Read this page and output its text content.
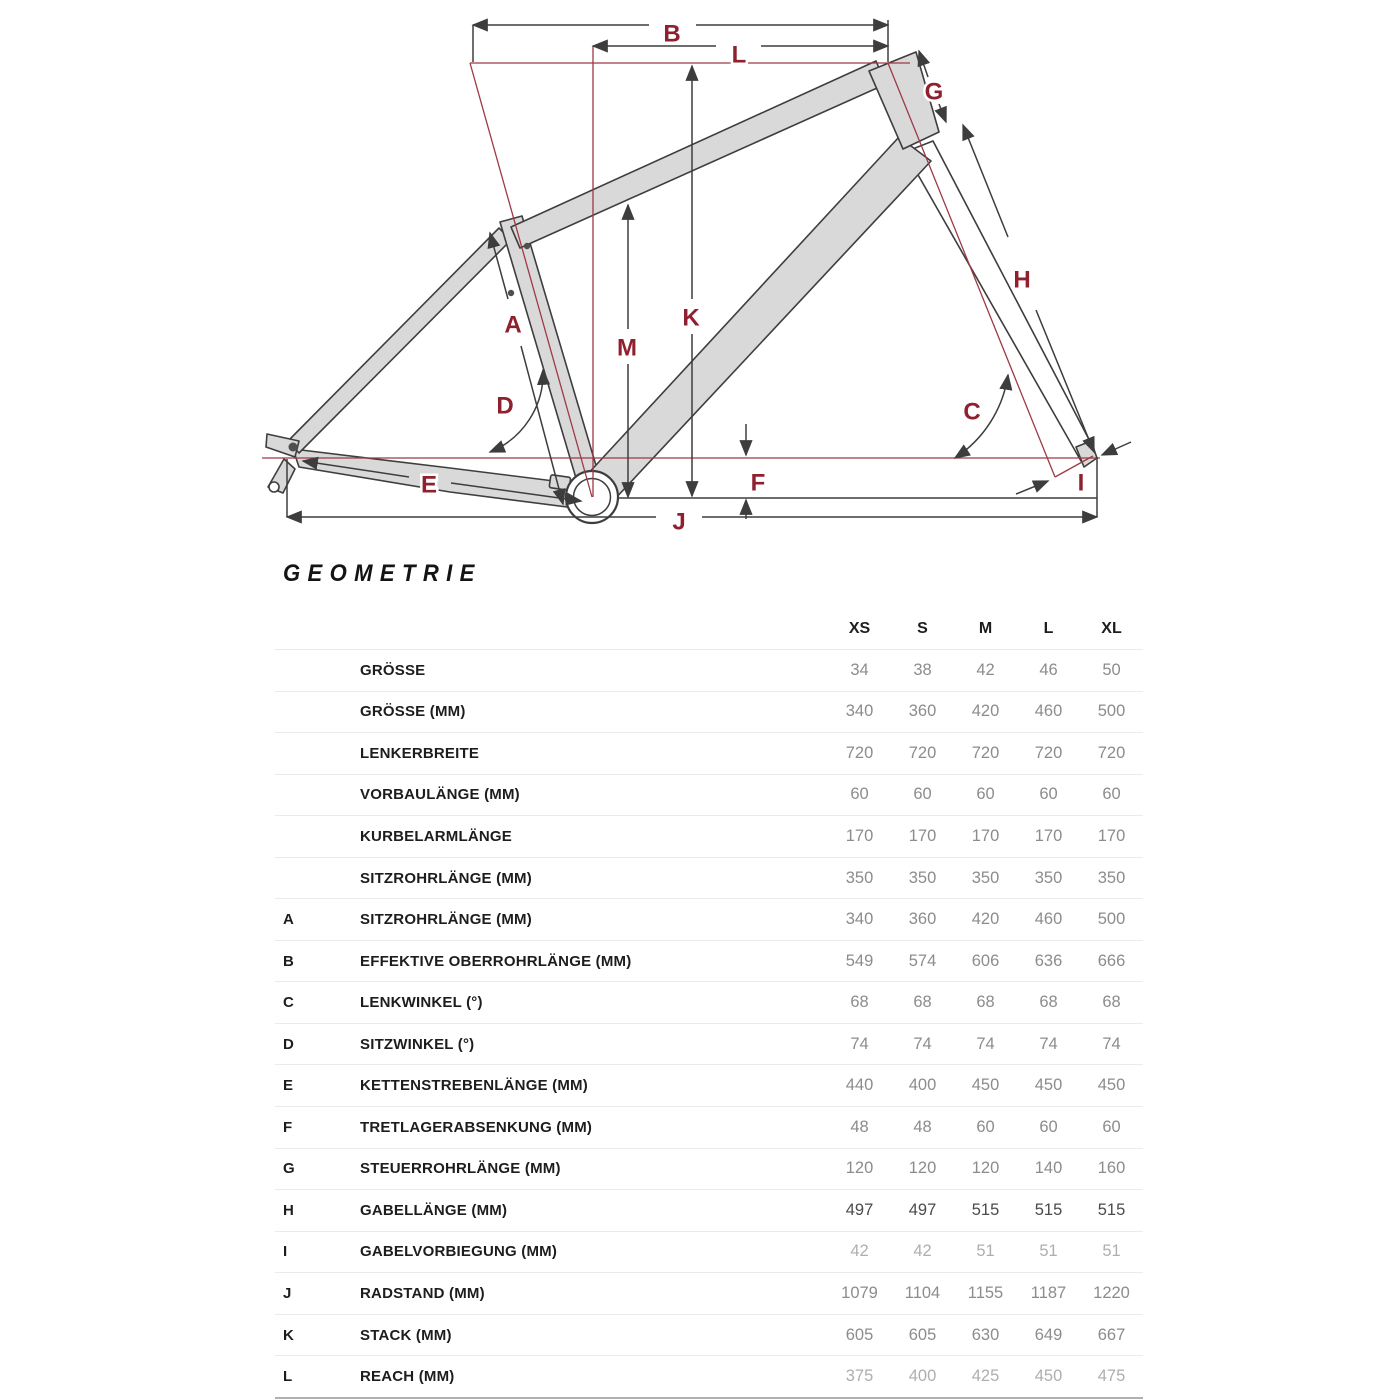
B
L
G
H
C
I
A
D
E
M
K
F
J
GEOMETRIE
XS	S	M	L	XL
GRÖSSE	34	38	42	46	50
GRÖSSE (MM)	340	360	420	460	500
LENKERBREITE	720	720	720	720	720
VORBAULÄNGE (MM)	60	60	60	60	60
KURBELARMLÄNGE	170	170	170	170	170
SITZROHRLÄNGE (MM)	350	350	350	350	350
A	SITZROHRLÄNGE (MM)	340	360	420	460	500
B	EFFEKTIVE OBERROHRLÄNGE (MM)	549	574	606	636	666
C	LENKWINKEL (°)	68	68	68	68	68
D	SITZWINKEL (°)	74	74	74	74	74
E	KETTENSTREBENLÄNGE (MM)	440	400	450	450	450
F	TRETLAGERABSENKUNG (MM)	48	48	60	60	60
G	STEUERROHRLÄNGE (MM)	120	120	120	140	160
H	GABELLÄNGE (MM)	497	497	515	515	515
I	GABELVORBIEGUNG (MM)	42	42	51	51	51
J	RADSTAND (MM)	1079	1104	1155	1187	1220
K	STACK (MM)	605	605	630	649	667
L	REACH (MM)	375	400	425	450	475
